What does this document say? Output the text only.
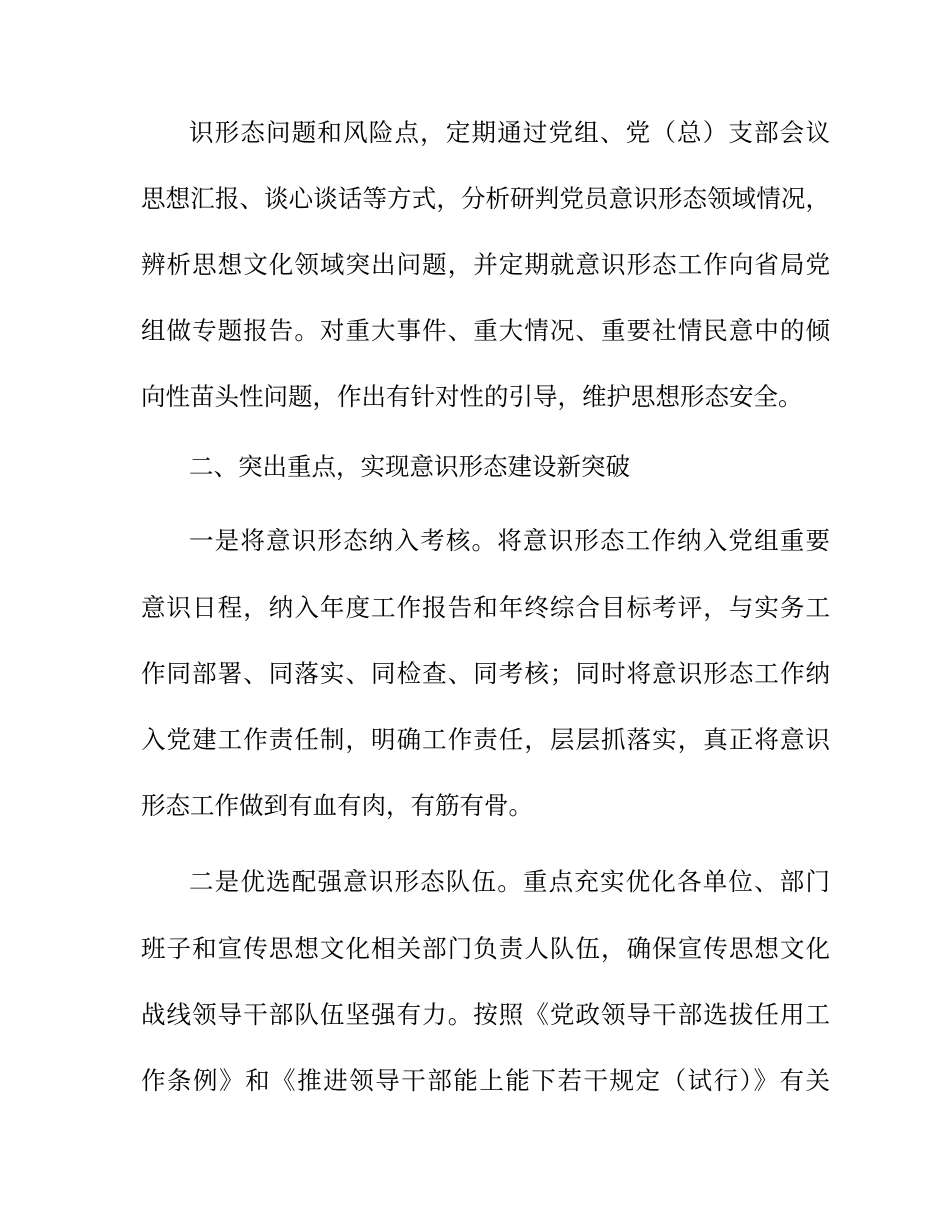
识形态问题和风险点，定期通过党组、党（总）支部会议
思想汇报、谈心谈话等方式，分析研判党员意识形态领域情况，
辨析思想文化领域突出问题，并定期就意识形态工作向省局党
组做专题报告。对重大事件、重大情况、重要社情民意中的倾
向性苗头性问题，作出有针对性的引导，维护思想形态安全。
二、突出重点，实现意识形态建设新突破
一是将意识形态纳入考核。将意识形态工作纳入党组重要
意识日程，纳入年度工作报告和年终综合目标考评，与实务工
作同部署、同落实、同检查、同考核；同时将意识形态工作纳
入党建工作责任制，明确工作责任，层层抓落实，真正将意识
形态工作做到有血有肉，有筋有骨。
二是优选配强意识形态队伍。重点充实优化各单位、部门
班子和宣传思想文化相关部门负责人队伍，确保宣传思想文化
战线领导干部队伍坚强有力。按照《党政领导干部选拔任用工
作条例》和《推进领导干部能上能下若干规定（试行）》有关
